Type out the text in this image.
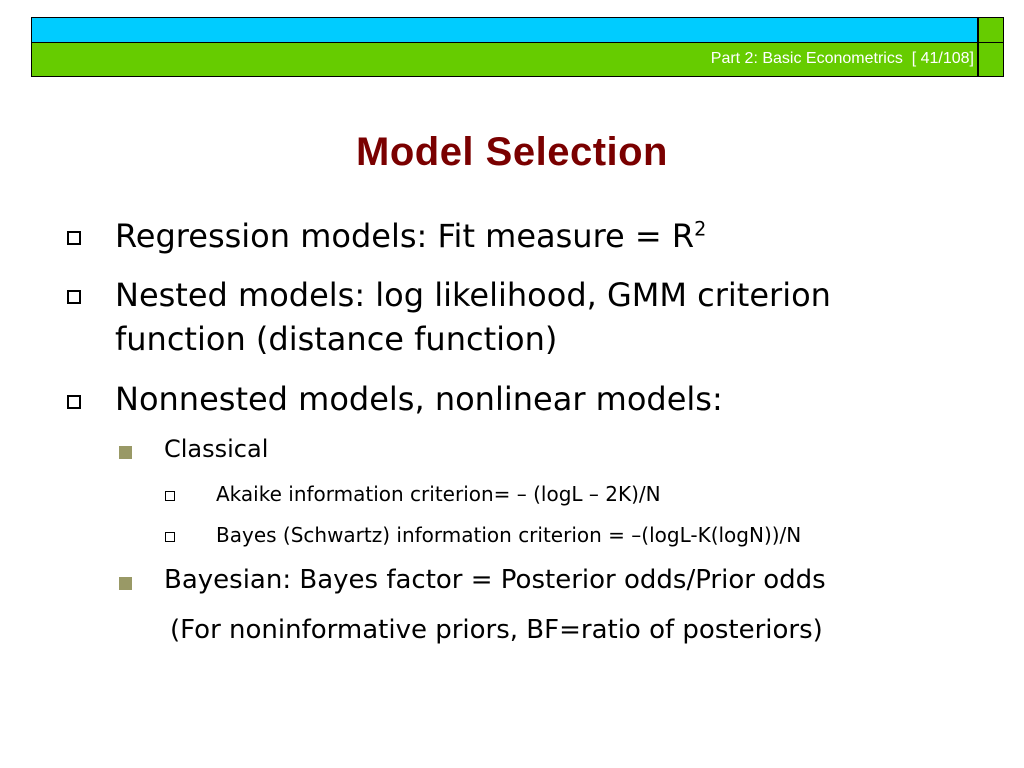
Part 2: Basic Econometrics  [ 41/108]
Model Selection
Regression models: Fit measure = $R^2$
Nested models: log likelihood, GMM criterion
function (distance function)
Nonnested models, nonlinear models:
Classical
Akaike information criterion= – (logL – 2K)/N
Bayes (Schwartz) information criterion = –(logL-K(logN))/N
Bayesian: Bayes factor = Posterior odds/Prior odds
(For noninformative priors, BF=ratio of posteriors)
